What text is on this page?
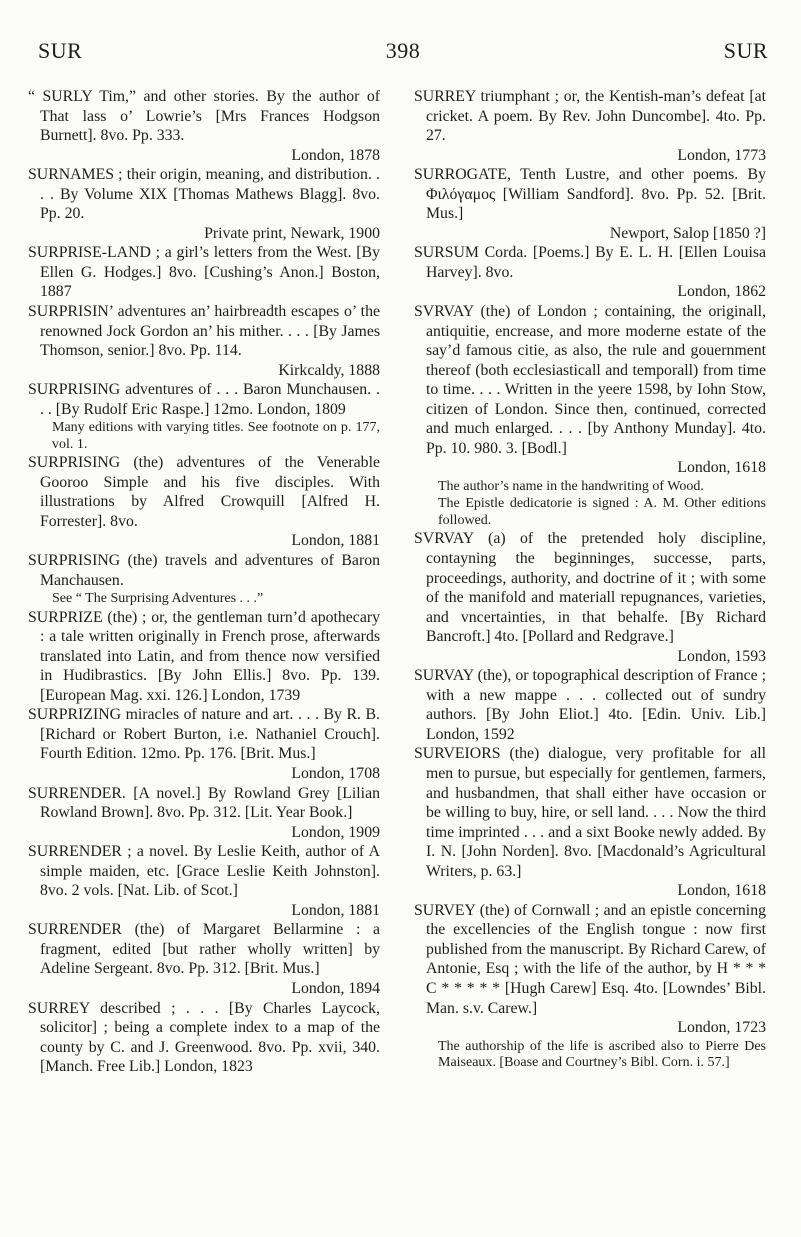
SUR	398	SUR
“ SURLY Tim,” and other stories. By the author of That lass o’ Lowrie’s [Mrs Frances Hodgson Burnett]. 8vo. Pp. 333.
London, 1878
SURNAMES ; their origin, meaning, and distribution. . . . By Volume XIX [Thomas Mathews Blagg]. 8vo. Pp. 20.
Private print, Newark, 1900
SURPRISE-LAND ; a girl’s letters from the West. [By Ellen G. Hodges.] 8vo. [Cushing’s Anon.] Boston, 1887
SURPRISIN’ adventures an’ hairbreadth escapes o’ the renowned Jock Gordon an’ his mither. . . . [By James Thomson, senior.] 8vo. Pp. 114.
Kirkcaldy, 1888
SURPRISING adventures of . . . Baron Munchausen. . . . [By Rudolf Eric Raspe.] 12mo. London, 1809
Many editions with varying titles. See footnote on p. 177, vol. 1.
SURPRISING (the) adventures of the Venerable Gooroo Simple and his five disciples. With illustrations by Alfred Crowquill [Alfred H. Forrester]. 8vo.
London, 1881
SURPRISING (the) travels and adventures of Baron Manchausen.
See “ The Surprising Adventures . . .”
SURPRIZE (the) ; or, the gentleman turn’d apothecary : a tale written originally in French prose, afterwards translated into Latin, and from thence now versified in Hudibrastics. [By John Ellis.] 8vo. Pp. 139. [European Mag. xxi. 126.] London, 1739
SURPRIZING miracles of nature and art. . . . By R. B. [Richard or Robert Burton, i.e. Nathaniel Crouch]. Fourth Edition. 12mo. Pp. 176. [Brit. Mus.]
London, 1708
SURRENDER. [A novel.] By Rowland Grey [Lilian Rowland Brown]. 8vo. Pp. 312. [Lit. Year Book.]
London, 1909
SURRENDER ; a novel. By Leslie Keith, author of A simple maiden, etc. [Grace Leslie Keith Johnston]. 8vo. 2 vols. [Nat. Lib. of Scot.]
London, 1881
SURRENDER (the) of Margaret Bellarmine : a fragment, edited [but rather wholly written] by Adeline Sergeant. 8vo. Pp. 312. [Brit. Mus.]
London, 1894
SURREY described ; . . . [By Charles Laycock, solicitor] ; being a complete index to a map of the county by C. and J. Greenwood. 8vo. Pp. xvii, 340. [Manch. Free Lib.] London, 1823
SURREY triumphant ; or, the Kentish-man’s defeat [at cricket. A poem. By Rev. John Duncombe]. 4to. Pp. 27.
London, 1773
SURROGATE, Tenth Lustre, and other poems. By Φιλόγαμος [William Sandford]. 8vo. Pp. 52. [Brit. Mus.]
Newport, Salop [1850 ?]
SURSUM Corda. [Poems.] By E. L. H. [Ellen Louisa Harvey]. 8vo.
London, 1862
SVRVAY (the) of London ; containing, the originall, antiquitie, encrease, and more moderne estate of the say’d famous citie, as also, the rule and gouernment thereof (both ecclesiasticall and temporall) from time to time. . . . Written in the yeere 1598, by Iohn Stow, citizen of London. Since then, continued, corrected and much enlarged. . . . [by Anthony Munday]. 4to. Pp. 10. 980. 3. [Bodl.]
London, 1618
The author’s name in the handwriting of Wood.
The Epistle dedicatorie is signed : A. M. Other editions followed.
SVRVAY (a) of the pretended holy discipline, contayning the beginninges, successe, parts, proceedings, authority, and doctrine of it ; with some of the manifold and materiall repugnances, varieties, and vncertainties, in that behalfe. [By Richard Bancroft.] 4to. [Pollard and Redgrave.]
London, 1593
SURVAY (the), or topographical description of France ; with a new mappe . . . collected out of sundry authors. [By John Eliot.] 4to. [Edin. Univ. Lib.] London, 1592
SURVEIORS (the) dialogue, very profitable for all men to pursue, but especially for gentlemen, farmers, and husbandmen, that shall either have occasion or be willing to buy, hire, or sell land. . . . Now the third time imprinted . . . and a sixt Booke newly added. By I. N. [John Norden]. 8vo. [Macdonald’s Agricultural Writers, p. 63.]
London, 1618
SURVEY (the) of Cornwall ; and an epistle concerning the excellencies of the English tongue : now first published from the manuscript. By Richard Carew, of Antonie, Esq ; with the life of the author, by H * * * C * * * * * [Hugh Carew] Esq. 4to. [Lowndes’ Bibl. Man. s.v. Carew.]
London, 1723
The authorship of the life is ascribed also to Pierre Des Maiseaux. [Boase and Courtney’s Bibl. Corn. i. 57.]
